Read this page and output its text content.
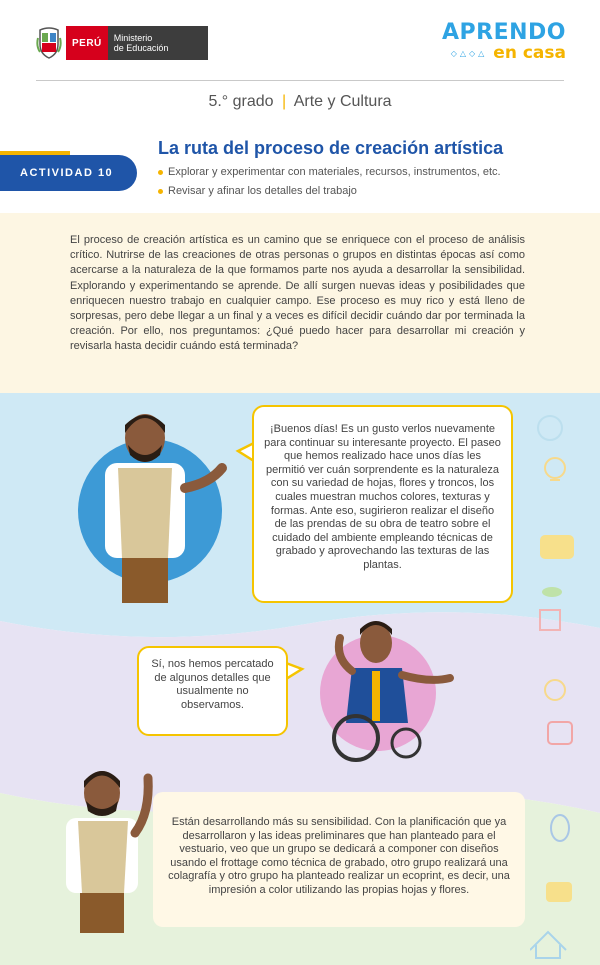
PERÚ	Ministerio
de Educación
APRENDO
◇△◇△ en casa
5.° grado | Arte y Cultura
ACTIVIDAD 10
La ruta del proceso de creación artística
Explorar y experimentar con materiales, recursos, instrumentos, etc.
Revisar y afinar los detalles del trabajo

El proceso de creación artística es un camino que se enriquece con el proceso de análisis crítico. Nutrirse de las creaciones de otras personas o grupos en distintas épocas así como acercarse a la naturaleza de la que formamos parte nos ayuda a desarrollar la sensibilidad. Explorando y experimentando se aprende. De allí surgen nuevas ideas y posibilidades que enriquecen nuestro trabajo en cualquier campo. Ese proceso es muy rico y está lleno de sorpresas, pero debe llegar a un final y a veces es difícil decidir cuándo dar por terminada la creación. Por ello, nos preguntamos: ¿Qué puedo hacer para desarrollar mi creación y revisarla hasta decidir cuándo está terminada?

¡Buenos días! Es un gusto verlos nuevamente para continuar su interesante proyecto. El paseo que hemos realizado hace unos días les permitió ver cuán sorprendente es la naturaleza con su variedad de hojas, flores y troncos, los cuales muestran muchos colores, texturas y formas. Ante eso, sugirieron realizar el diseño de las prendas de su obra de teatro sobre el cuidado del ambiente empleando técnicas de grabado y aprovechando las texturas de las plantas.
Sí, nos hemos percatado de algunos detalles que usualmente no observamos.
Están desarrollando más su sensibilidad. Con la planificación que ya desarrollaron y las ideas preliminares que han planteado para el vestuario, veo que un grupo se dedicará a componer con diseños usando el frottage como técnica de grabado, otro grupo realizará una colagrafía y otro grupo ha planteado realizar un ecoprint, es decir, una impresión a color utilizando las propias hojas y flores.
